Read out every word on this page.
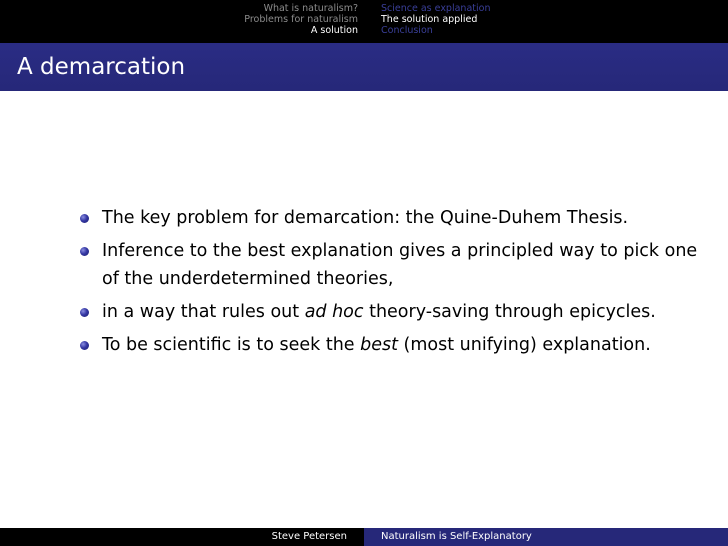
What is naturalism?
Problems for naturalism
A solution
Science as explanation
The solution applied
Conclusion
A demarcation
The key problem for demarcation: the Quine-Duhem Thesis.
Inference to the best explanation gives a principled way to pick one of the underdetermined theories,
in a way that rules out ad hoc theory-saving through epicycles.
To be scientific is to seek the best (most unifying) explanation.
Steve Petersen	Naturalism is Self-Explanatory
